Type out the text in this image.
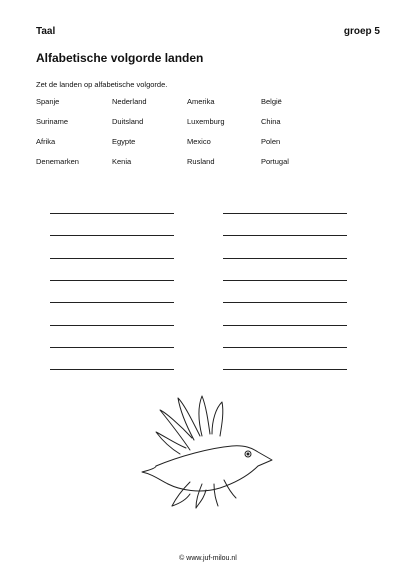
Taal	groep 5
Alfabetische volgorde landen
Zet de landen op alfabetische volgorde.
Spanje	Nederland	Amerika	België
Suriname	Duitsland	Luxemburg	China
Afrika	Egypte	Mexico	Polen
Denemarken	Kenia	Rusland	Portugal
© www.juf-milou.nl
